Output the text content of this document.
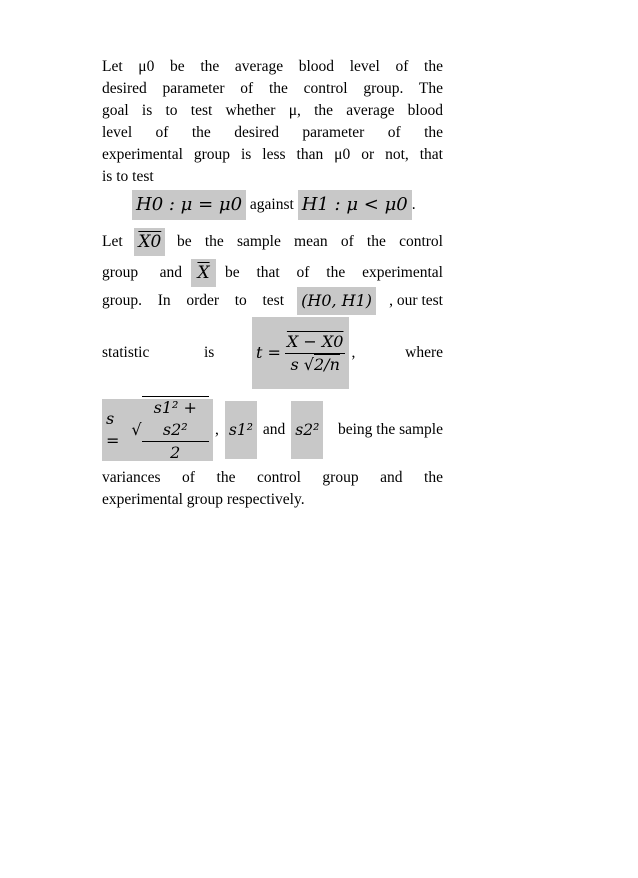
Let μ0 be the average blood level of the
desired parameter of the control group. The
goal is to test whether μ, the average blood
level of the desired parameter of the
experimental group is less than μ0 or not, that
is to test
H0 : μ = μ0 against H1 : μ < μ0 .
Let X0 be the sample mean of the control
group and $\overline{X}$ be that of the experimental
group. In order to test (H0, H1) , our test
statistic	is	$t = \frac{X - X0}{s √2/n}$ ,	where
s =
√ $\frac{\text{s1² + s2²}}{2}$ , s1² and s2² being the sample
variances of the control group and the
experimental group respectively.
